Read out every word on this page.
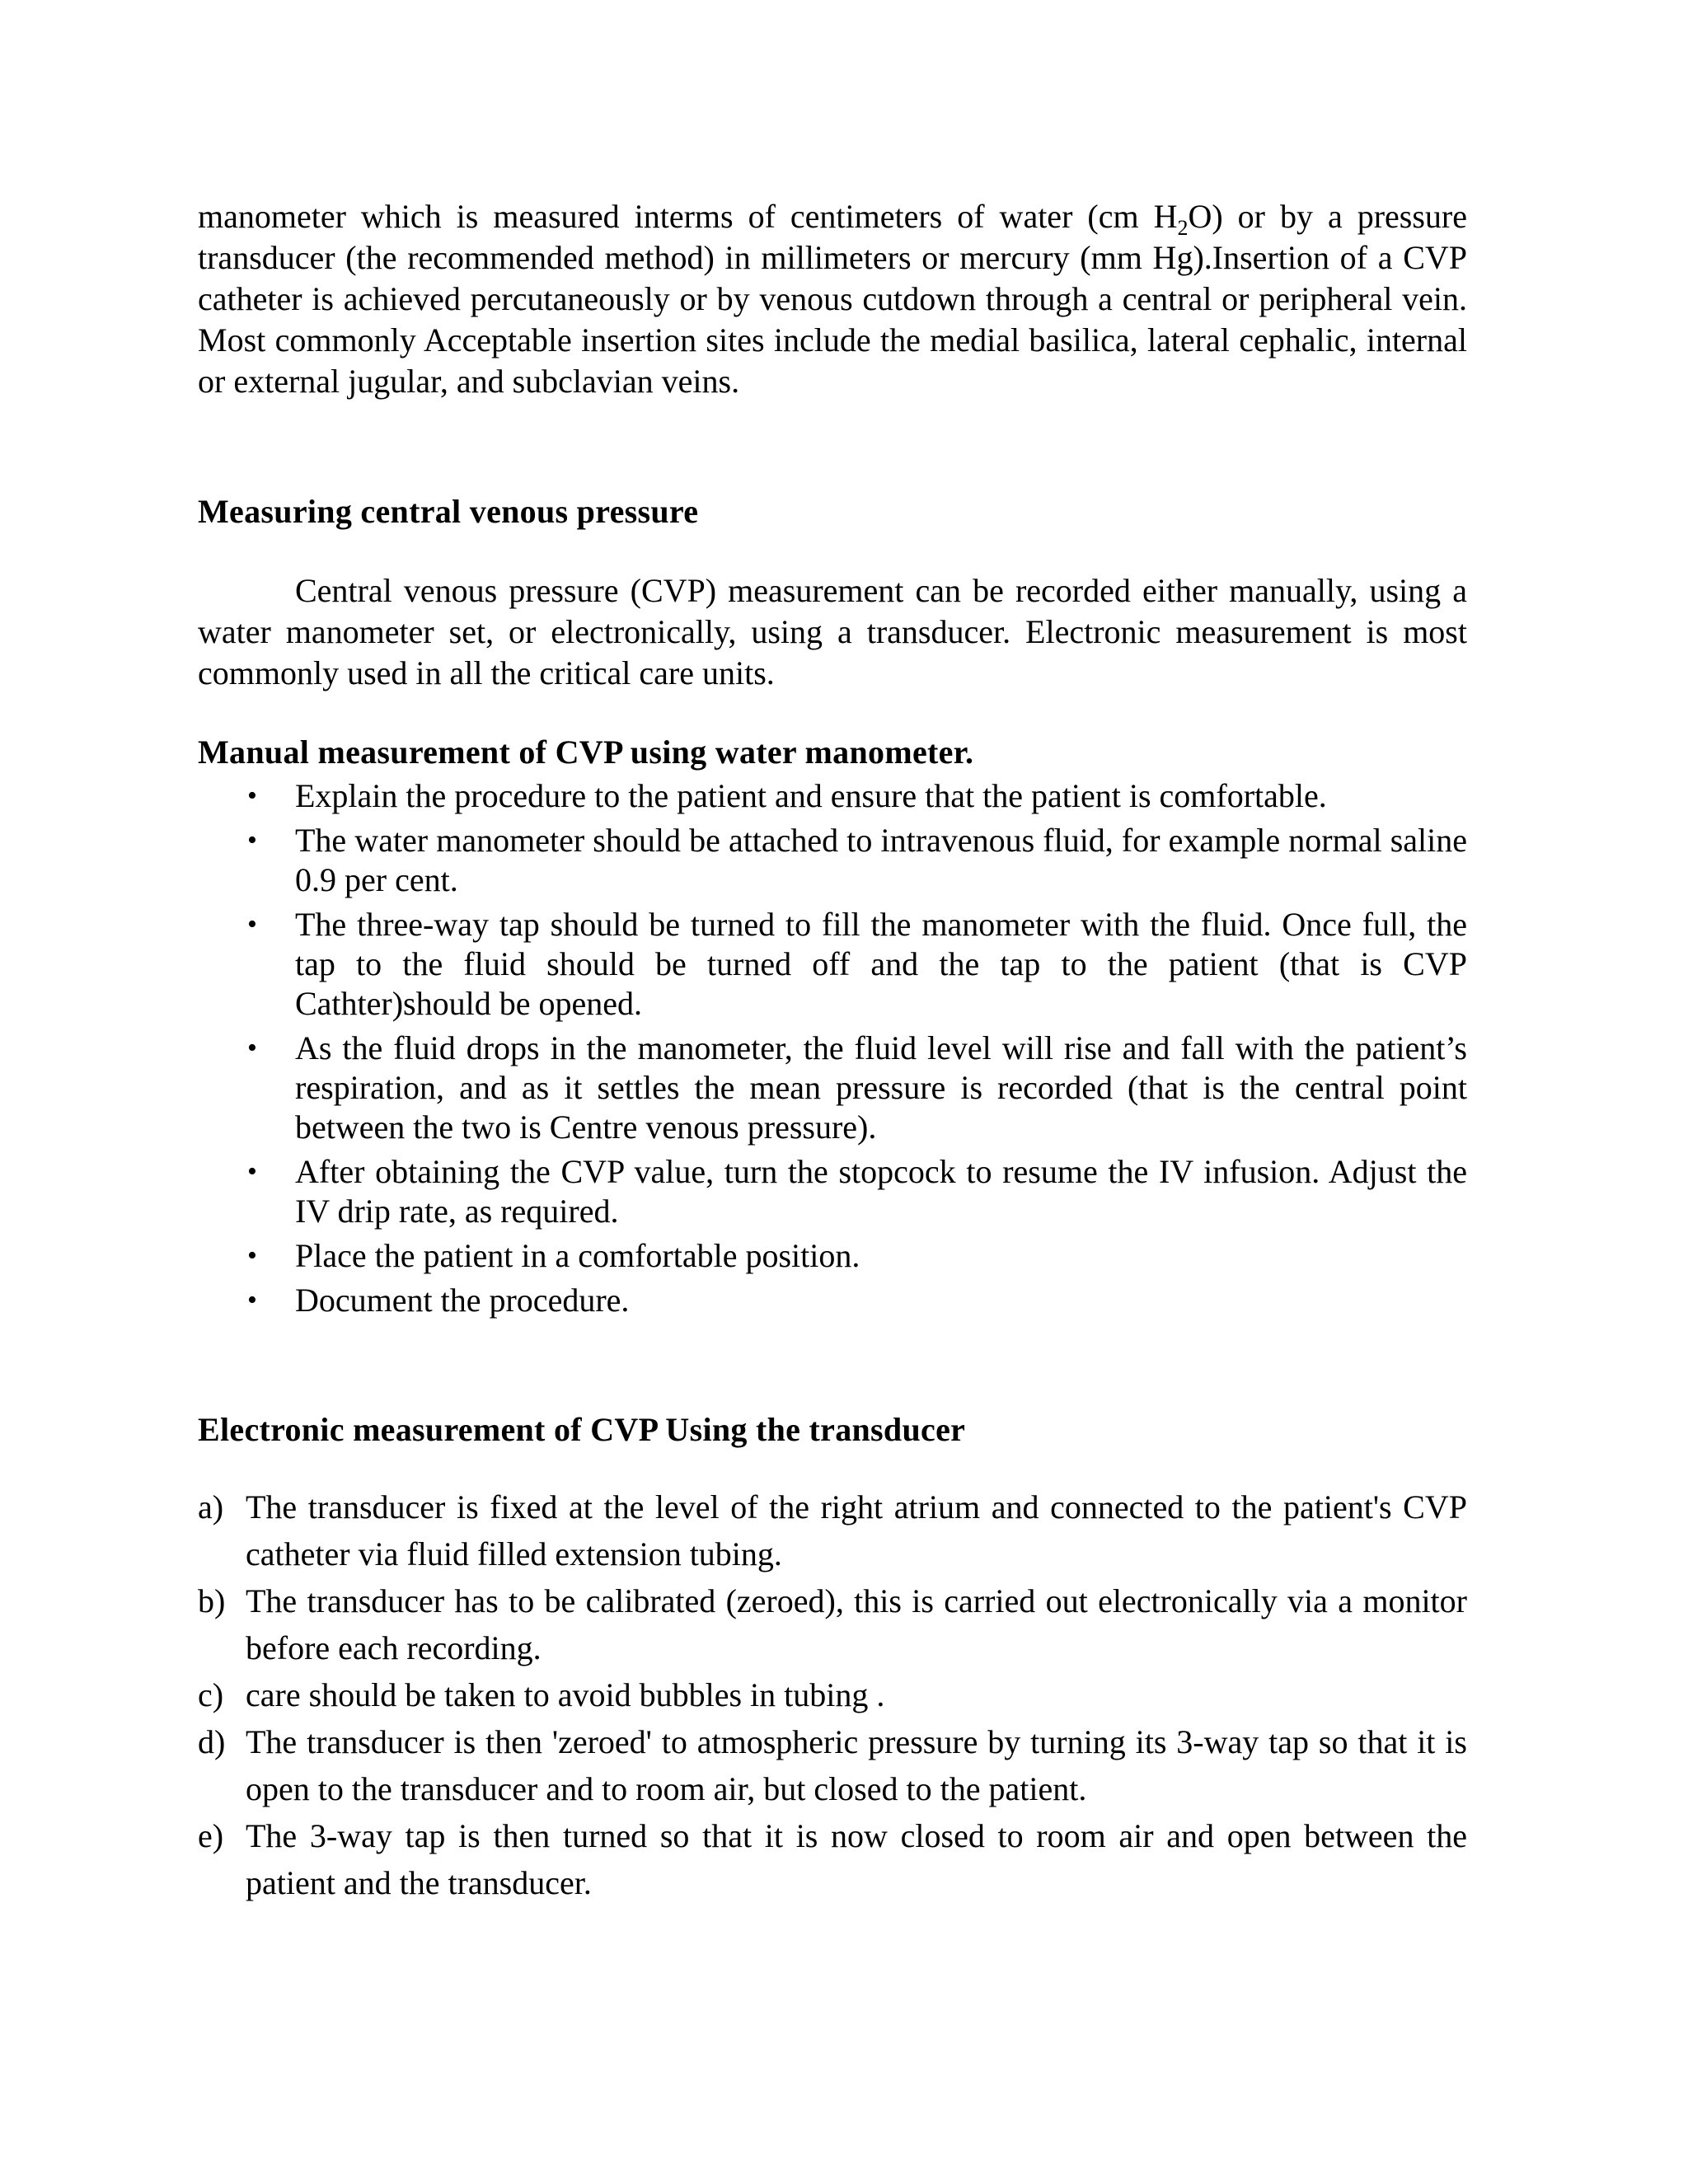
manometer which is measured interms of centimeters of water (cm $H_2O$) or by a pressure transducer (the recommended method) in millimeters or mercury (mm Hg).Insertion of a CVP catheter is achieved percutaneously or by venous cutdown through a central or peripheral vein. Most commonly Acceptable insertion sites include the medial basilica, lateral cephalic, internal or external jugular, and subclavian veins.

Measuring central venous pressure

Central venous pressure (CVP) measurement can be recorded either manually, using a water manometer set, or electronically, using a transducer. Electronic measurement is most commonly used in all the critical care units.

Manual measurement of CVP using water manometer.
• Explain the procedure to the patient and ensure that the patient is comfortable.
• The water manometer should be attached to intravenous fluid, for example normal saline 0.9 per cent.
• The three-way tap should be turned to fill the manometer with the fluid. Once full, the tap to the fluid should be turned off and the tap to the patient (that is CVP Cathter)should be opened.
• As the fluid drops in the manometer, the fluid level will rise and fall with the patient’s respiration, and as it settles the mean pressure is recorded (that is the central point between the two is Centre venous pressure).
• After obtaining the CVP value, turn the stopcock to resume the IV infusion. Adjust the IV drip rate, as required.
• Place the patient in a comfortable position.
• Document the procedure.
Electronic measurement of CVP Using the transducer
a) The transducer is fixed at the level of the right atrium and connected to the patient's CVP catheter via fluid filled extension tubing.
b) The transducer has to be calibrated (zeroed), this is carried out electronically via a monitor before each recording.
c) care should be taken to avoid bubbles in tubing .
d) The transducer is then 'zeroed' to atmospheric pressure by turning its 3-way tap so that it is open to the transducer and to room air, but closed to the patient.
e) The 3-way tap is then turned so that it is now closed to room air and open between the patient and the transducer.
